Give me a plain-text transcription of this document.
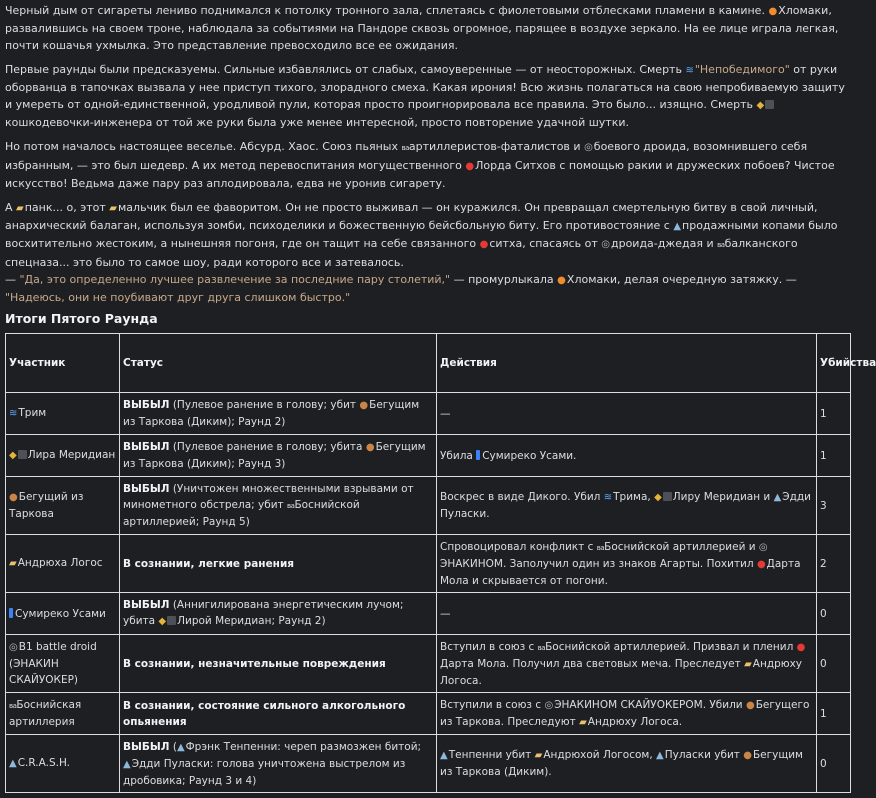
Черный дым от сигареты лениво поднимался к потолку тронного зала, сплетаясь с фиолетовыми отблесками пламени в камине. ●Хломаки, развалившись на своем троне, наблюдала за событиями на Пандоре сквозь огромное, парящее в воздухе зеркало. На ее лице играла легкая, почти кошачья ухмылка. Это представление превосходило все ее ожидания.

Первые раунды были предсказуемы. Сильные избавлялись от слабых, самоуверенные — от неосторожных. Смерть ≋"Непобедимого" от руки оборванца в тапочках вызвала у нее приступ тихого, злорадного смеха. Какая ирония! Всю жизнь полагаться на свою непробиваемую защиту и умереть от одной-единственной, уродливой пули, которая просто проигнорировала все правила. Это было... изящно. Смерть ◆кошкодевочки-инженера от той же руки была уже менее интересной, просто повторение удачной шутки.

Но потом началось настоящее веселье. Абсурд. Хаос. Союз пьяных ваартиллеристов-фаталистов и ◎боевого дроида, возомнившего себя избранным, — это был шедевр. А их метод перевоспитания могущественного ●Лорда Ситхов с помощью ракии и дружеских побоев? Чистое искусство! Ведьма даже пару раз аплодировала, едва не уронив сигарету.

А ▰панк... о, этот ▰мальчик был ее фаворитом. Он не просто выживал — он куражился. Он превращал смертельную битву в свой личный, анархический балаган, используя зомби, психоделики и божественную бейсбольную биту. Его противостояние с ▲продажными копами было восхитительно жестоким, а нынешняя погоня, где он тащит на себе связанного ●ситха, спасаясь от ◎дроида-джедая и вабалканского спецназа... это было то самое шоу, ради которого все и затевалось.

— "Да, это определенно лучшее развлечение за последние пару столетий," — промурлыкала ●Хломаки, делая очередную затяжку. — "Надеюсь, они не поубивают друг друга слишком быстро."

Итоги Пятого Раунда
Участник	Статус	Действия	Убийства
≋Трим	ВЫБЫЛ (Пулевое ранение в голову; убит ●Бегущим из Таркова (Диким); Раунд 2)	—	1
◆ Лира Меридиан	ВЫБЫЛ (Пулевое ранение в голову; убита ●Бегущим из Таркова (Диким); Раунд 3)	Убила Сумиреко Усами.	1
●Бегущий из Таркова	ВЫБЫЛ (Уничтожен множественными взрывами от минометного обстрела; убит ваБоснийской артиллерией; Раунд 5)	Воскрес в виде Дикого. Убил ≋Трима, ◆ Лиру Меридиан и ▲Эдди Пуласки.	3
▰Андрюха Логос	В сознании, легкие ранения	Спровоцировал конфликт с ваБоснийской артиллерией и ◎ЭНАКИНОМ. Заполучил один из знаков Агарты. Похитил ●Дарта Мола и скрывается от погони.	2
Сумиреко Усами	ВЫБЫЛ (Аннигилирована энергетическим лучом; убита ◆ Лирой Меридиан; Раунд 2)	—	0
◎B1 battle droid (ЭНАКИН СКАЙУОКЕР)	В сознании, незначительные повреждения	Вступил в союз с ваБоснийской артиллерией. Призвал и пленил ●Дарта Мола. Получил два световых меча. Преследует ▰Андрюху Логоса.	0
ваБоснийская артиллерия	В сознании, состояние сильного алкогольного опьянения	Вступили в союз с ◎ЭНАКИНОМ СКАЙУОКЕРОМ. Убили ●Бегущего из Таркова. Преследуют ▰Андрюху Логоса.	1
▲C.R.A.S.H.	ВЫБЫЛ (▲Фрэнк Тенпенни: череп размозжен битой; ▲Эдди Пуласки: голова уничтожена выстрелом из дробовика; Раунд 3 и 4)	▲Тенпенни убит ▰Андрюхой Логосом, ▲Пуласки убит ●Бегущим из Таркова (Диким).	0
